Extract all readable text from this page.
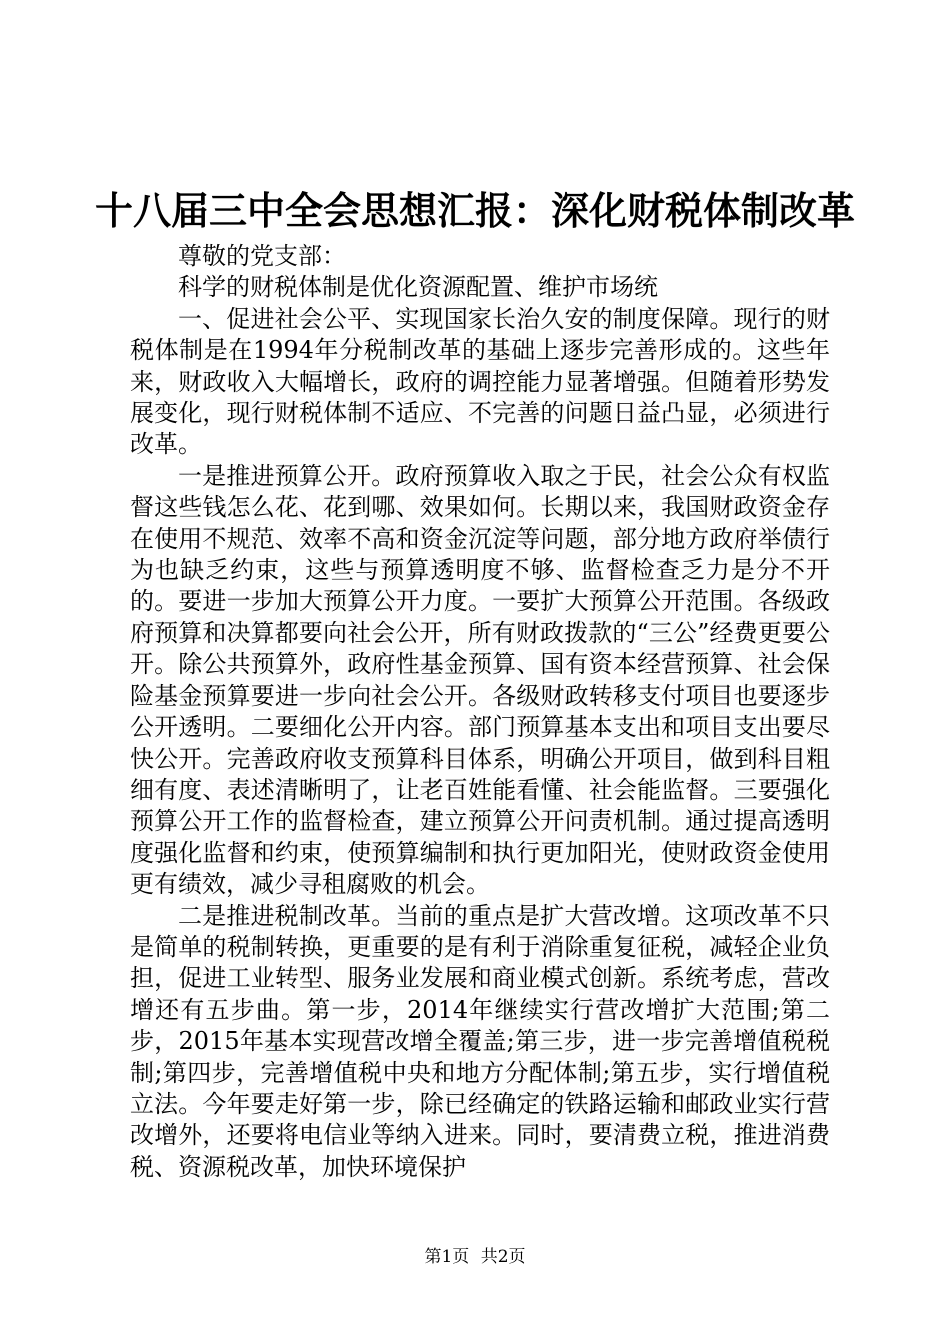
十八届三中全会思想汇报：深化财税体制改革

尊敬的党支部：

科学的财税体制是优化资源配置、维护市场统

一、促进社会公平、实现国家长治久安的制度保障。现行的财税体制是在1994年分税制改革的基础上逐步完善形成的。这些年来，财政收入大幅增长，政府的调控能力显著增强。但随着形势发展变化，现行财税体制不适应、不完善的问题日益凸显，必须进行改革。

一是推进预算公开。政府预算收入取之于民，社会公众有权监督这些钱怎么花、花到哪、效果如何。长期以来，我国财政资金存在使用不规范、效率不高和资金沉淀等问题，部分地方政府举债行为也缺乏约束，这些与预算透明度不够、监督检查乏力是分不开的。要进一步加大预算公开力度。一要扩大预算公开范围。各级政府预算和决算都要向社会公开，所有财政拨款的“三公”经费更要公开。除公共预算外，政府性基金预算、国有资本经营预算、社会保险基金预算要进一步向社会公开。各级财政转移支付项目也要逐步公开透明。二要细化公开内容。部门预算基本支出和项目支出要尽快公开。完善政府收支预算科目体系，明确公开项目，做到科目粗细有度、表述清晰明了，让老百姓能看懂、社会能监督。三要强化预算公开工作的监督检查，建立预算公开问责机制。通过提高透明度强化监督和约束，使预算编制和执行更加阳光，使财政资金使用更有绩效，减少寻租腐败的机会。

二是推进税制改革。当前的重点是扩大营改增。这项改革不只是简单的税制转换，更重要的是有利于消除重复征税，减轻企业负担，促进工业转型、服务业发展和商业模式创新。系统考虑，营改增还有五步曲。第一步，2014年继续实行营改增扩大范围;第二步，2015年基本实现营改增全覆盖;第三步，进一步完善增值税税制;第四步，完善增值税中央和地方分配体制;第五步，实行增值税立法。今年要走好第一步，除已经确定的铁路运输和邮政业实行营改增外，还要将电信业等纳入进来。同时，要清费立税，推进消费税、资源税改革，加快环境保护

第1页 共2页
